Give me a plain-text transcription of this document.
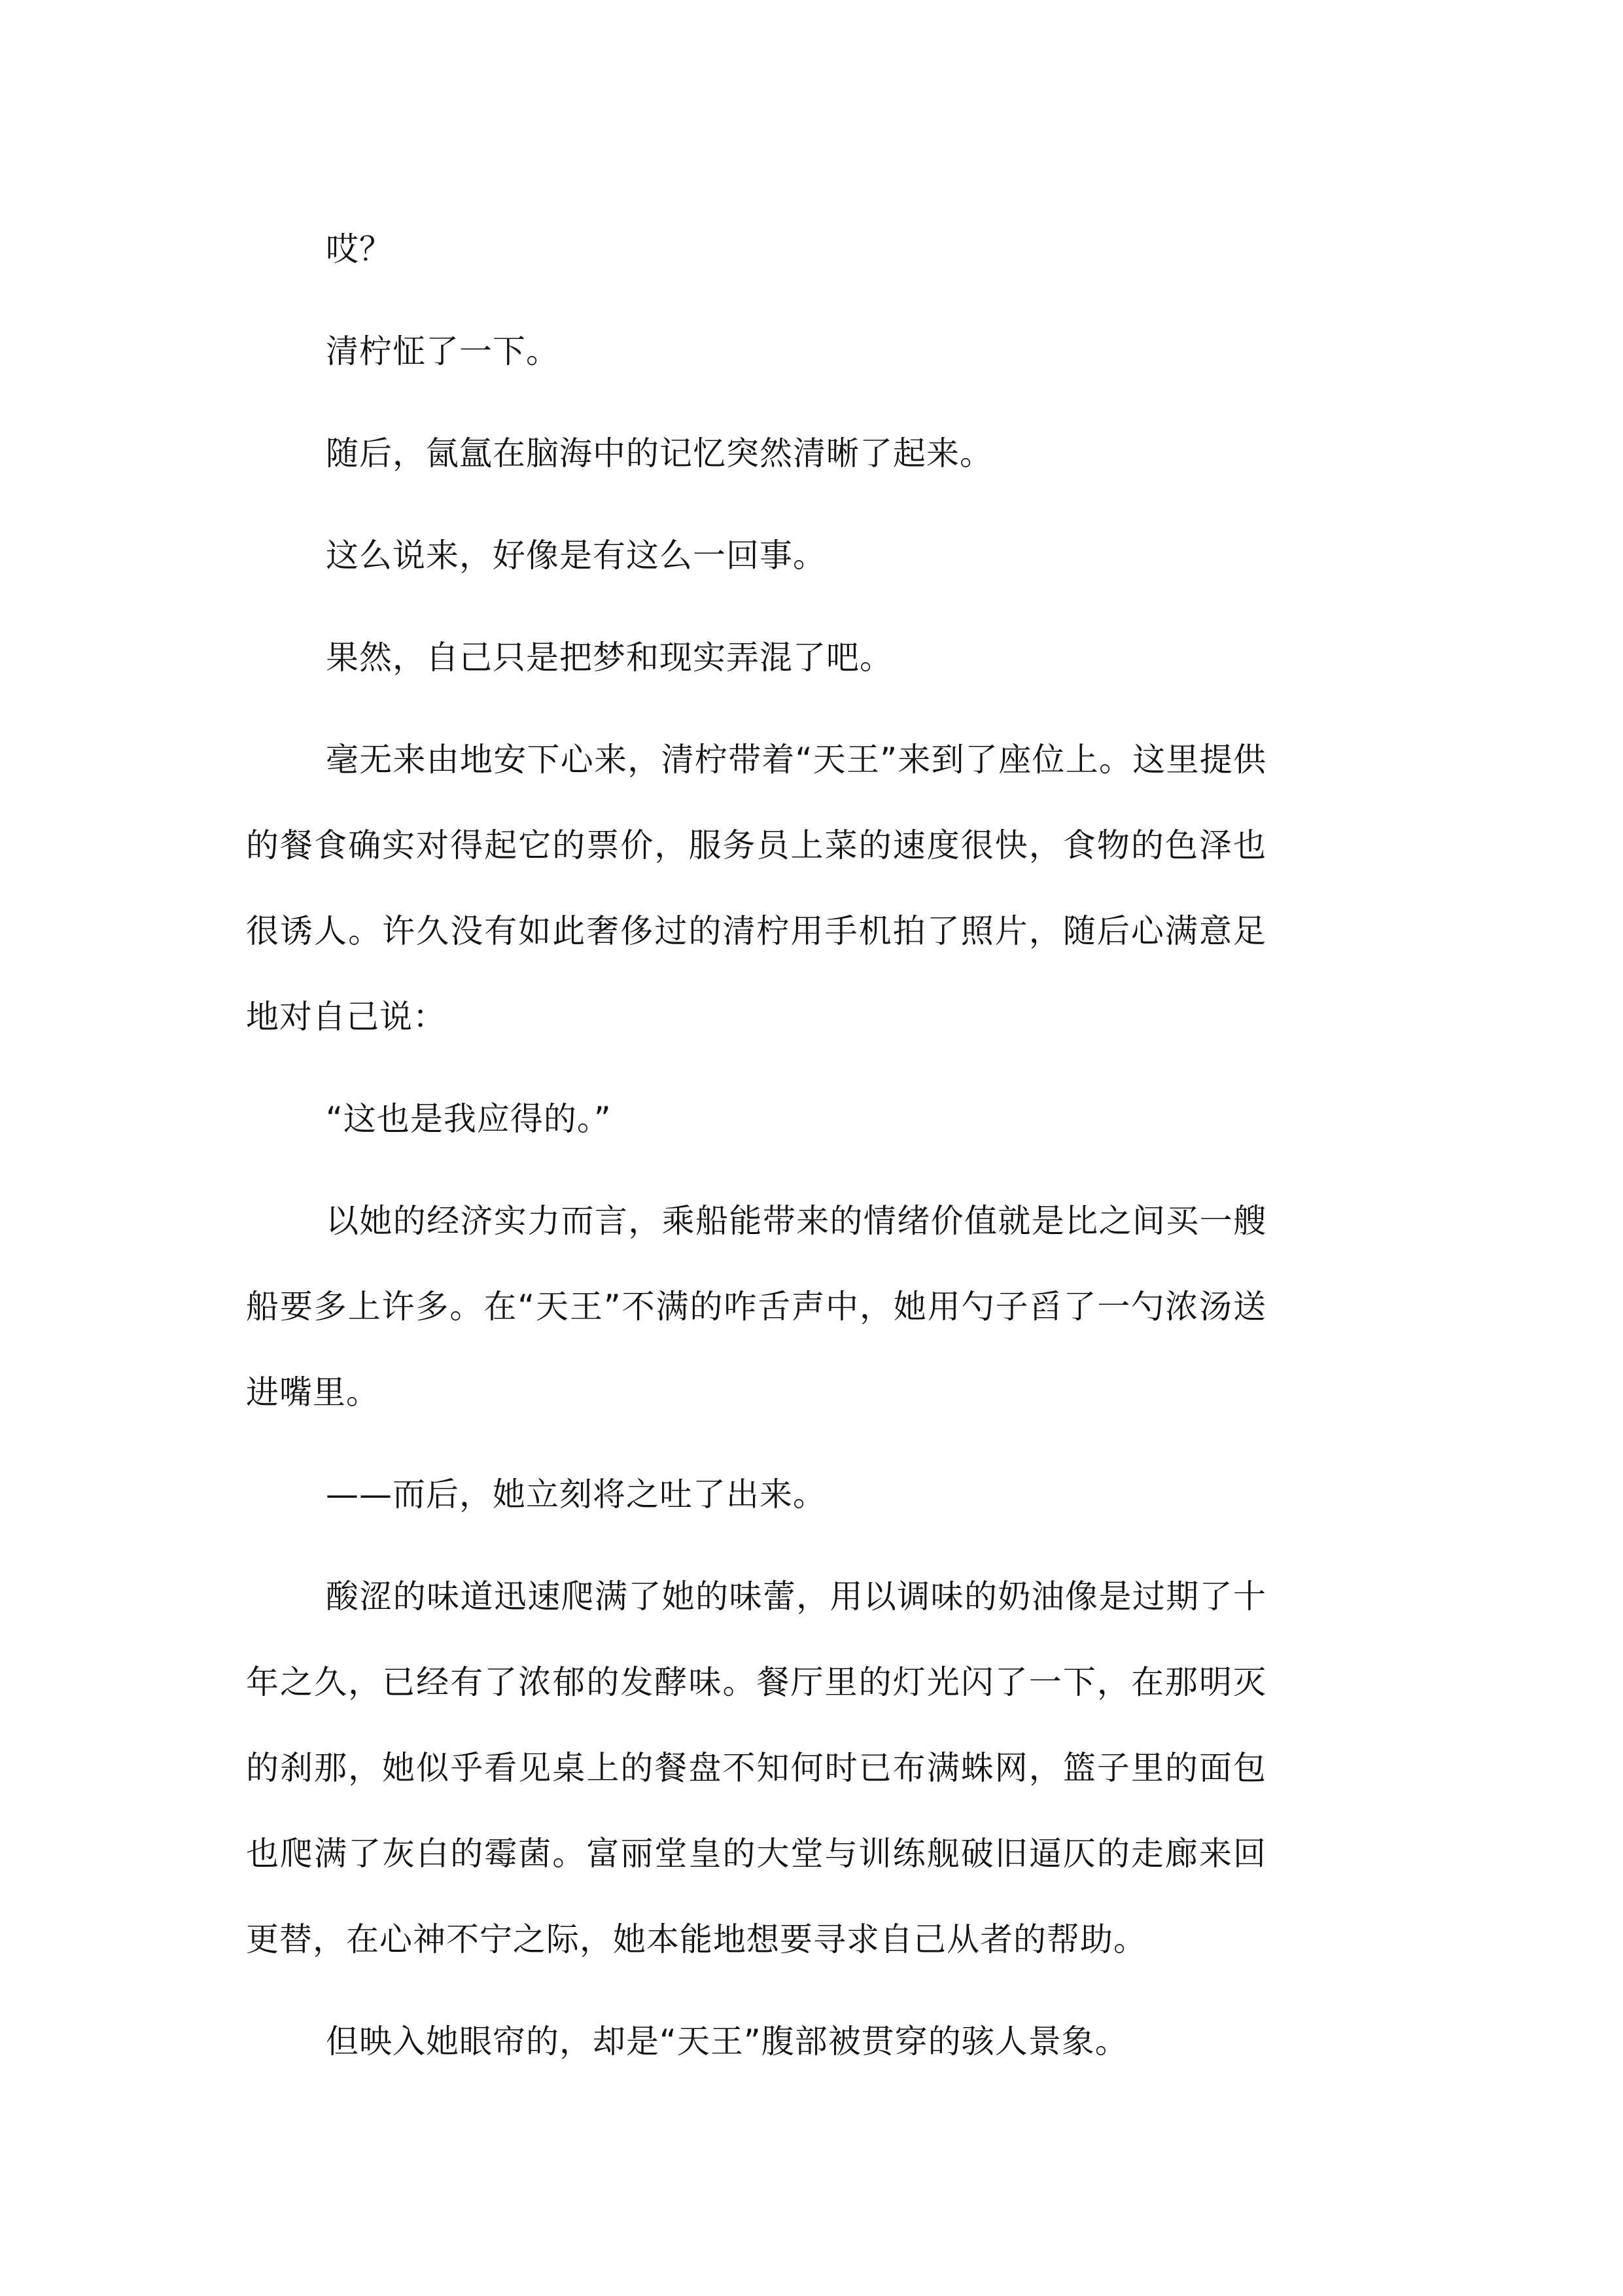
哎？

清柠怔了一下。

随后，氤氲在脑海中的记忆突然清晰了起来。

这么说来，好像是有这么一回事。

果然，自己只是把梦和现实弄混了吧。

毫无来由地安下心来，清柠带着“天王”来到了座位上。这里提供的餐食确实对得起它的票价，服务员上菜的速度很快，食物的色泽也很诱人。许久没有如此奢侈过的清柠用手机拍了照片，随后心满意足地对自己说：

“这也是我应得的。”

以她的经济实力而言，乘船能带来的情绪价值就是比之间买一艘船要多上许多。在“天王”不满的咋舌声中，她用勺子舀了一勺浓汤送进嘴里。

——而后，她立刻将之吐了出来。

酸涩的味道迅速爬满了她的味蕾，用以调味的奶油像是过期了十年之久，已经有了浓郁的发酵味。餐厅里的灯光闪了一下，在那明灭的刹那，她似乎看见桌上的餐盘不知何时已布满蛛网，篮子里的面包也爬满了灰白的霉菌。富丽堂皇的大堂与训练舰破旧逼仄的走廊来回更替，在心神不宁之际，她本能地想要寻求自己从者的帮助。

但映入她眼帘的，却是“天王”腹部被贯穿的骇人景象。
